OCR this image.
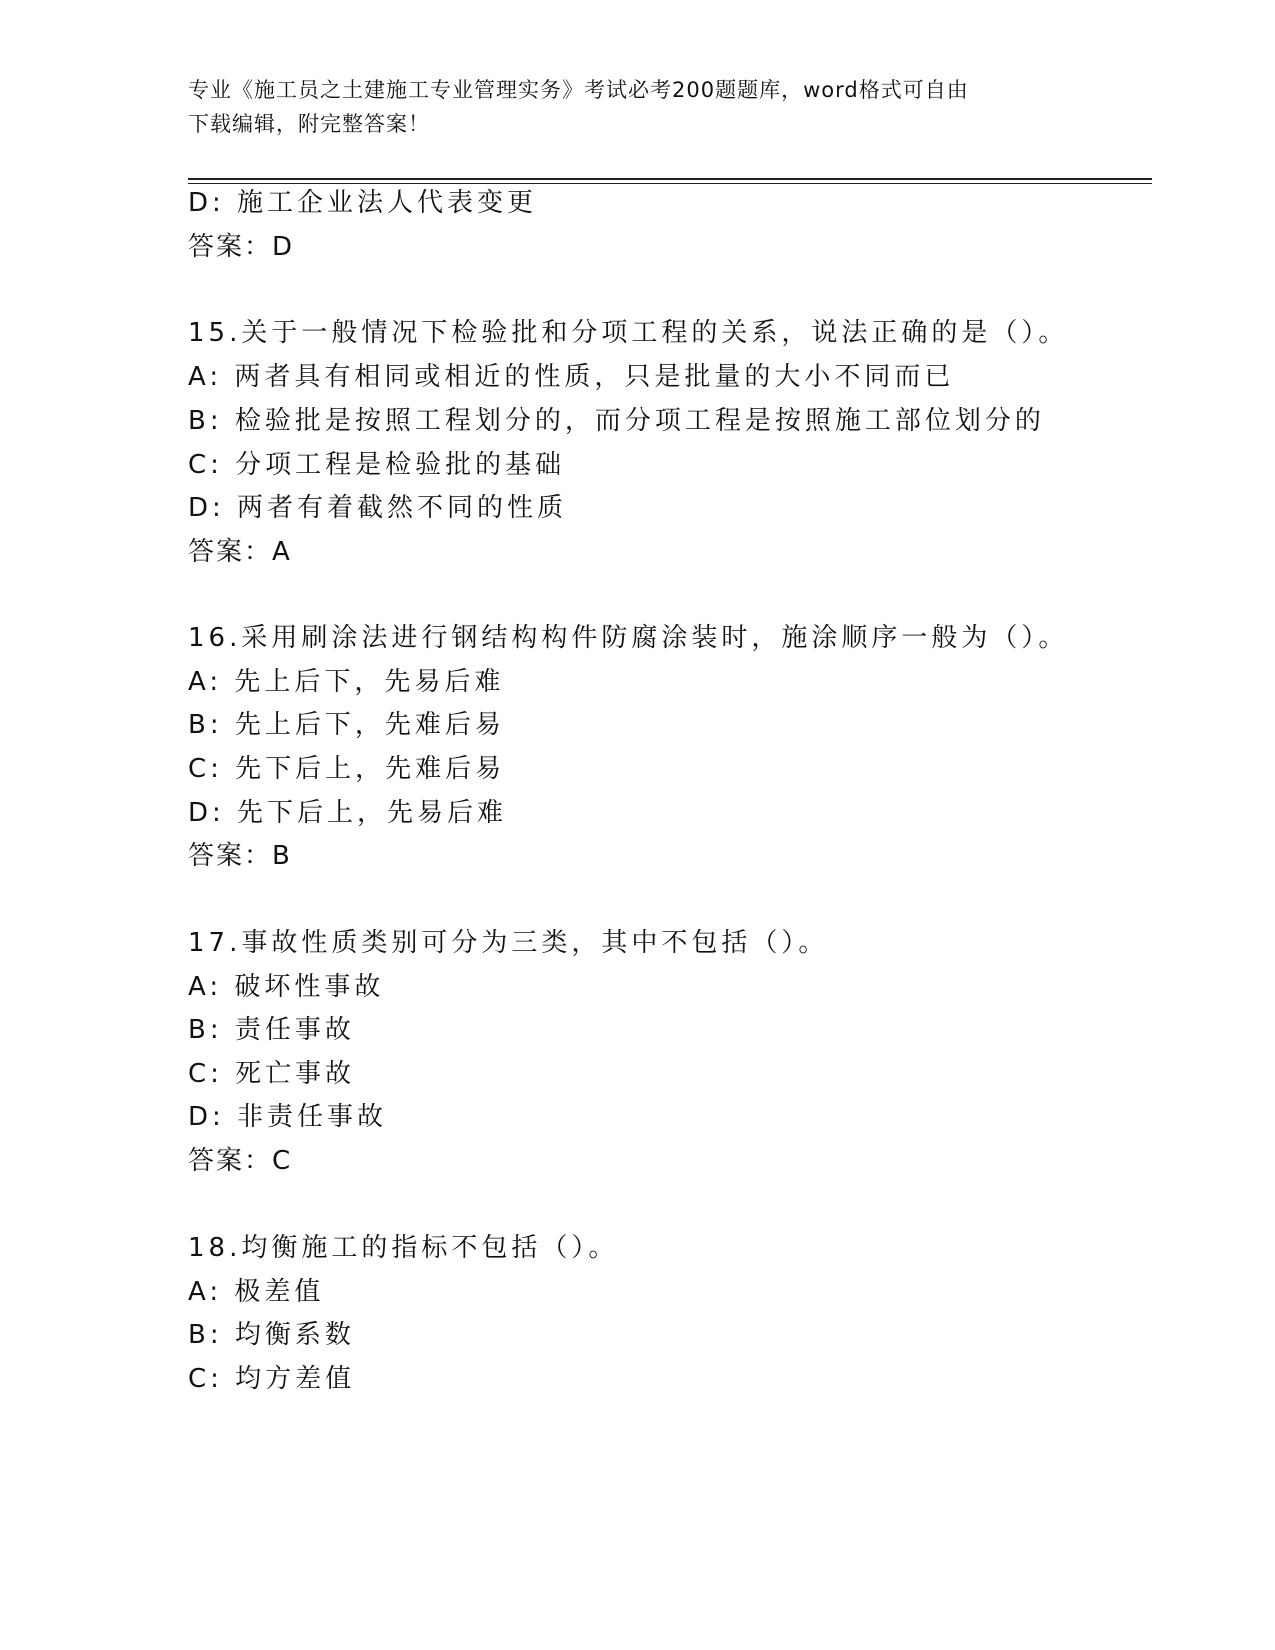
专业《施工员之土建施工专业管理实务》考试必考200题题库，word格式可自由
下载编辑，附完整答案！
D: 施工企业法人代表变更
答案：D
15.关于一般情况下检验批和分项工程的关系，说法正确的是（）。
A: 两者具有相同或相近的性质，只是批量的大小不同而已
B: 检验批是按照工程划分的，而分项工程是按照施工部位划分的
C: 分项工程是检验批的基础
D: 两者有着截然不同的性质
答案：A
16.采用刷涂法进行钢结构构件防腐涂装时，施涂顺序一般为（）。
A: 先上后下，先易后难
B: 先上后下，先难后易
C: 先下后上，先难后易
D: 先下后上，先易后难
答案：B
17.事故性质类别可分为三类，其中不包括（）。
A: 破坏性事故
B: 责任事故
C: 死亡事故
D: 非责任事故
答案：C
18.均衡施工的指标不包括（）。
A: 极差值
B: 均衡系数
C: 均方差值
